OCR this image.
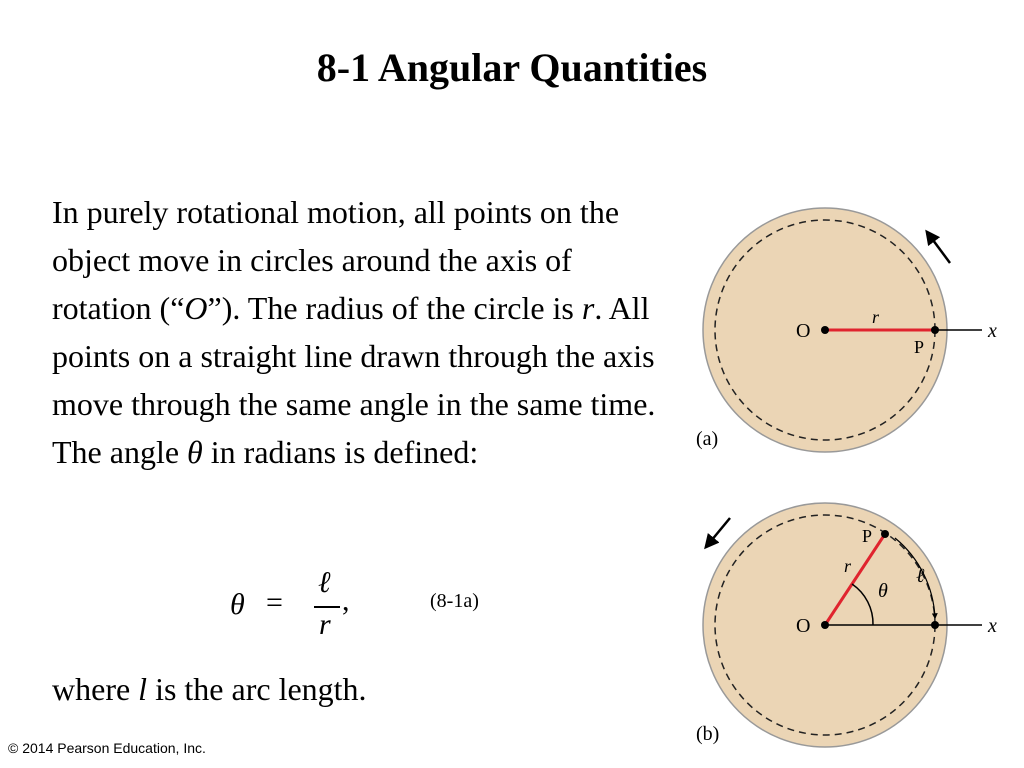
8-1 Angular Quantities
In purely rotational motion, all points on the object move in circles around the axis of rotation (“O”). The radius of the circle is r. All points on a straight line drawn through the axis move through the same angle in the same time. The angle θ in radians is defined:
θ =
ℓ
r
,	(8-1a)
where l is the arc length.
© 2014 Pearson Education, Inc.
O
r
P
x
(a)
O
r
P
θ
ℓ
x
(b)
